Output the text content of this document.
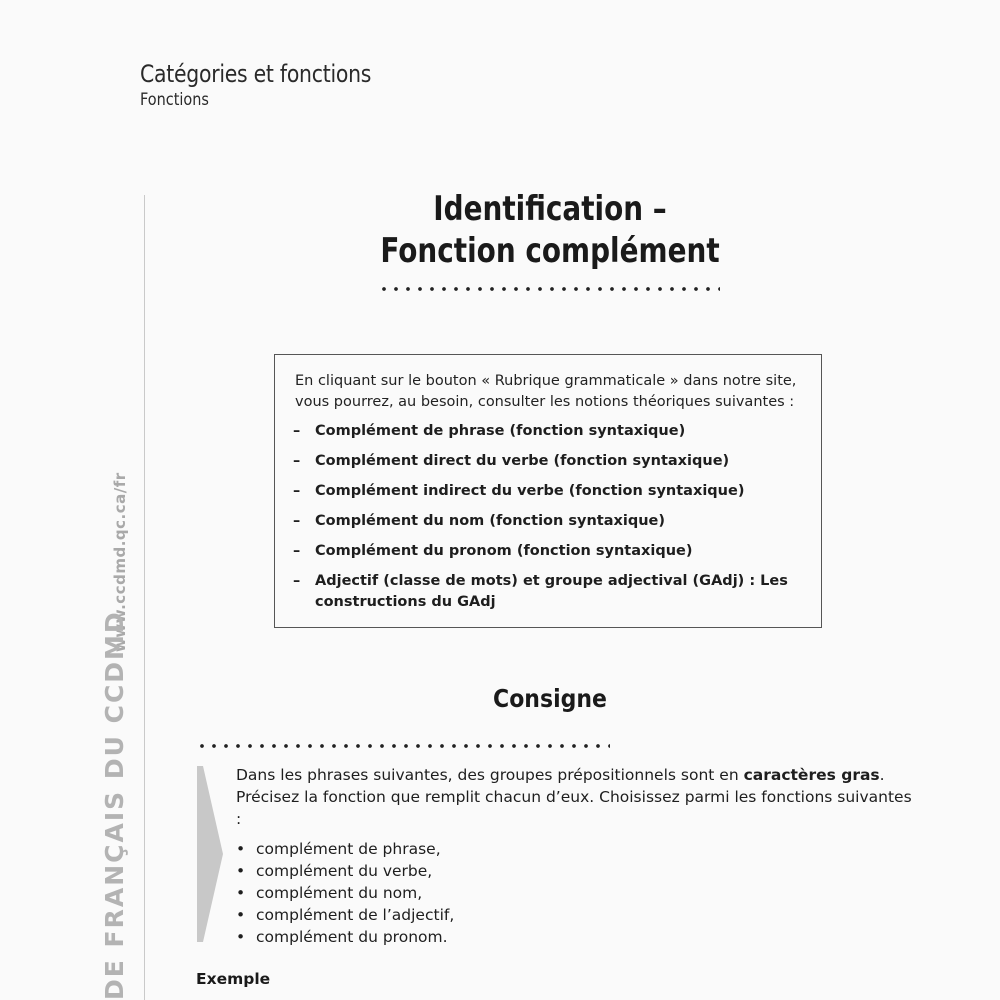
Catégories et fonctions
Fonctions
www.ccdmd.qc.ca/fr
DE FRANÇAIS DU CCDMD
Identification –
Fonction complément
En cliquant sur le bouton « Rubrique grammaticale » dans notre site, vous pourrez, au besoin, consulter les notions théoriques suivantes :
–	Complément de phrase (fonction syntaxique)
–	Complément direct du verbe (fonction syntaxique)
–	Complément indirect du verbe (fonction syntaxique)
–	Complément du nom (fonction syntaxique)
–	Complément du pronom (fonction syntaxique)
–	Adjectif (classe de mots) et groupe adjectival (GAdj) : Les constructions du GAdj
Consigne
Dans les phrases suivantes, des groupes prépositionnels sont en caractères gras. Précisez la fonction que remplit chacun d’eux. Choisissez parmi les fonctions suivantes :
• complément de phrase,
• complément du verbe,
• complément du nom,
• complément de l’adjectif,
• complément du pronom.
Exemple
